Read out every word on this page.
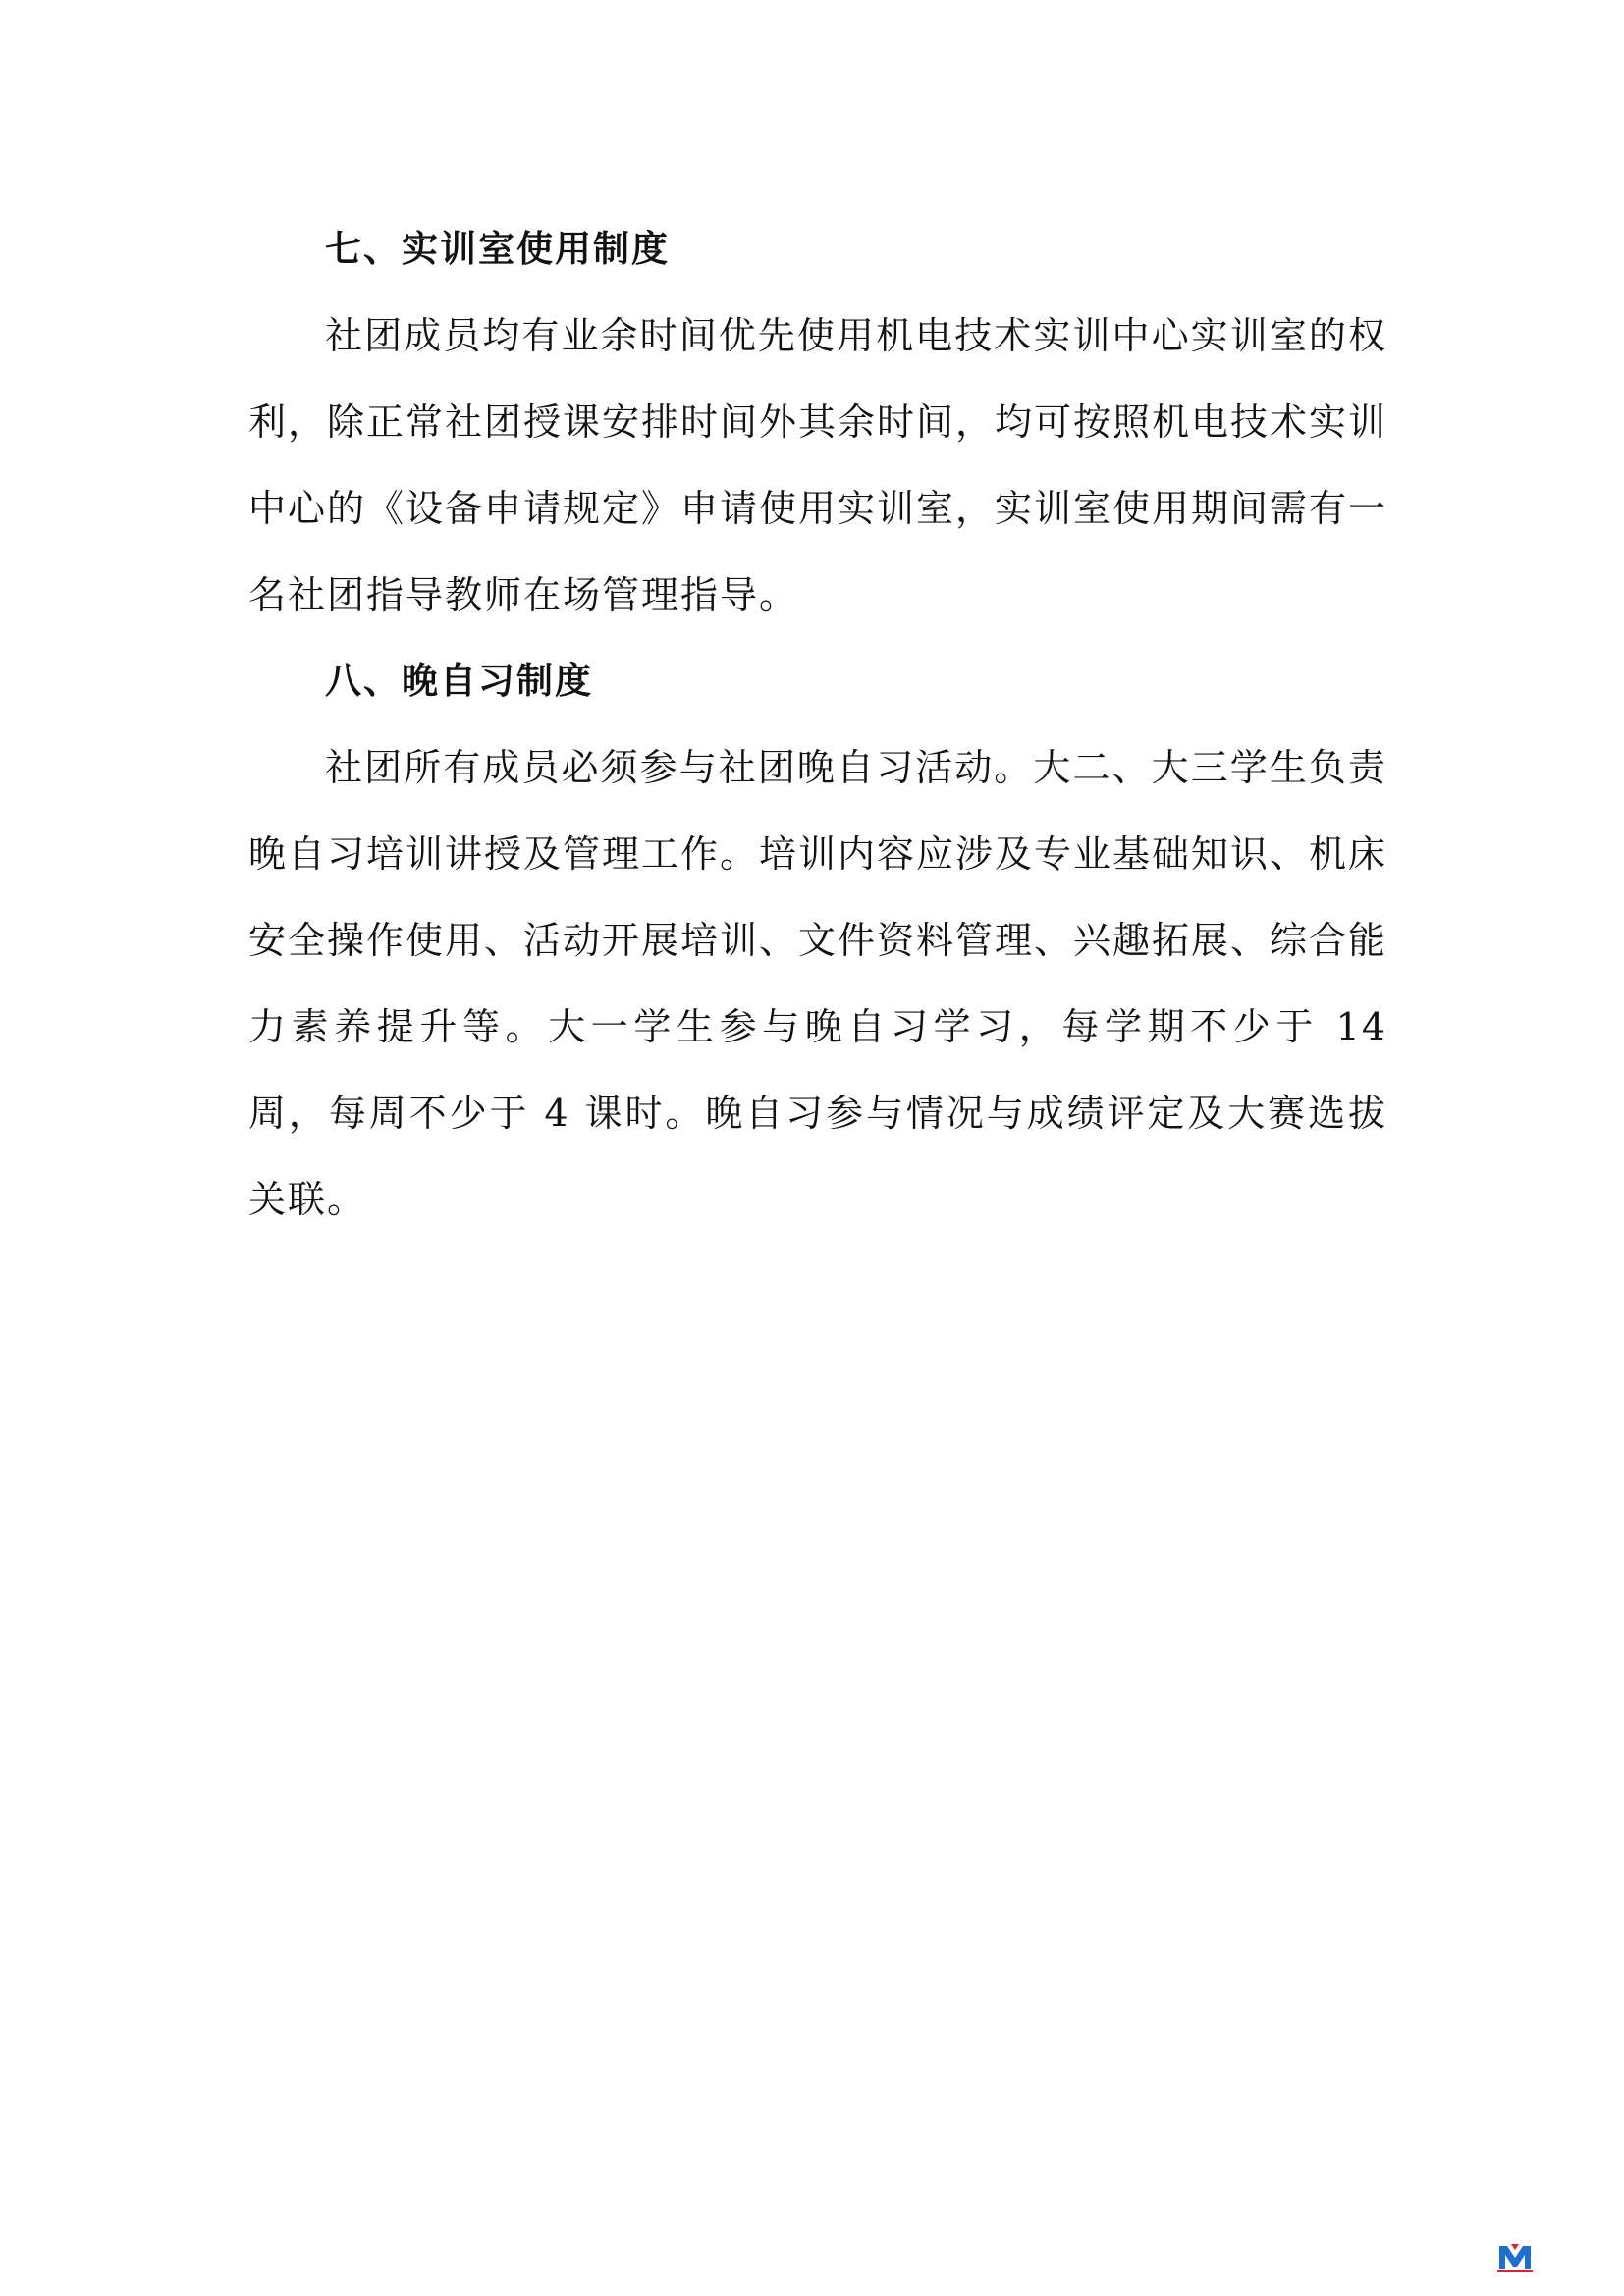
七、实训室使用制度

社团成员均有业余时间优先使用机电技术实训中心实训室的权利，除正常社团授课安排时间外其余时间，均可按照机电技术实训中心的《设备申请规定》申请使用实训室，实训室使用期间需有一名社团指导教师在场管理指导。

八、晚自习制度

社团所有成员必须参与社团晚自习活动。大二、大三学生负责晚自习培训讲授及管理工作。培训内容应涉及专业基础知识、机床安全操作使用、活动开展培训、文件资料管理、兴趣拓展、综合能力素养提升等。大一学生参与晚自习学习，每学期不少于 14 周，每周不少于 4 课时。晚自习参与情况与成绩评定及大赛选拔关联。
